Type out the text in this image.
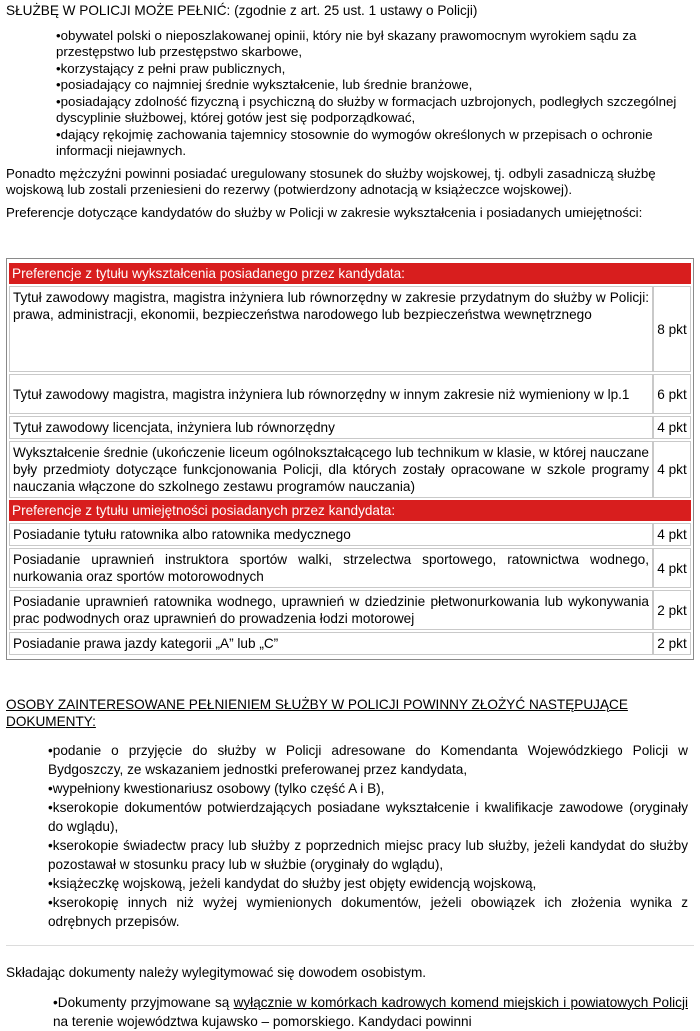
SŁUŻBĘ W POLICJI MOŻE PEŁNIĆ: (zgodnie z art. 25 ust. 1 ustawy o Policji)
•obywatel polski o nieposzlakowanej opinii, który nie był skazany prawomocnym wyrokiem sądu za przestępstwo lub przestępstwo skarbowe,
•korzystający z pełni praw publicznych,
•posiadający co najmniej średnie wykształcenie, lub średnie branżowe,
•posiadający zdolność fizyczną i psychiczną do służby w formacjach uzbrojonych, podległych szczególnej dyscyplinie służbowej, której gotów jest się podporządkować,
•dający rękojmię zachowania tajemnicy stosownie do wymogów określonych w przepisach o ochronie informacji niejawnych.

Ponadto mężczyźni powinni posiadać uregulowany stosunek do służby wojskowej, tj. odbyli zasadniczą służbę wojskową lub zostali przeniesieni do rezerwy (potwierdzony adnotacją w książeczce wojskowej).

Preferencje dotyczące kandydatów do służby w Policji w zakresie wykształcenia i posiadanych umiejętności:

Preferencje z tytułu wykształcenia posiadanego przez kandydata:	
Tytuł zawodowy magistra, magistra inżyniera lub równorzędny w zakresie przydatnym do służby w Policji: prawa, administracji, ekonomii, bezpieczeństwa narodowego lub bezpieczeństwa wewnętrznego	8 pkt
Tytuł zawodowy magistra, magistra inżyniera lub równorzędny w innym zakresie niż wymieniony w lp.1	6 pkt
Tytuł zawodowy licencjata, inżyniera lub równorzędny	4 pkt
Wykształcenie średnie (ukończenie liceum ogólnokształcącego lub technikum w klasie, w której nauczane były przedmioty dotyczące funkcjonowania Policji, dla których zostały opracowane w szkole programy nauczania włączone do szkolnego zestawu programów nauczania)	4 pkt
Preferencje z tytułu umiejętności posiadanych przez kandydata:	
Posiadanie tytułu ratownika albo ratownika medycznego	4 pkt
Posiadanie uprawnień instruktora sportów walki, strzelectwa sportowego, ratownictwa wodnego, nurkowania oraz sportów motorowodnych	4 pkt
Posiadanie uprawnień ratownika wodnego, uprawnień w dziedzinie płetwonurkowania lub wykonywania prac podwodnych oraz uprawnień do prowadzenia łodzi motorowej	2 pkt
Posiadanie prawa jazdy kategorii „A” lub „C”	2 pkt
OSOBY ZAINTERESOWANE PEŁNIENIEM SŁUŻBY W POLICJI POWINNY ZŁOŻYĆ NASTĘPUJĄCE DOKUMENTY:
•podanie o przyjęcie do służby w Policji adresowane do Komendanta Wojewódzkiego Policji w Bydgoszczy, ze wskazaniem jednostki preferowanej przez kandydata,
•wypełniony kwestionariusz osobowy (tylko część A i B),
•kserokopie dokumentów potwierdzających posiadane wykształcenie i kwalifikacje zawodowe (oryginały do wglądu),
•kserokopie świadectw pracy lub służby z poprzednich miejsc pracy lub służby, jeżeli kandydat do służby pozostawał w stosunku pracy lub w służbie (oryginały do wglądu),
•książeczkę wojskową, jeżeli kandydat do służby jest objęty ewidencją wojskową,
•kserokopię innych niż wyżej wymienionych dokumentów, jeżeli obowiązek ich złożenia wynika z odrębnych przepisów.

Składając dokumenty należy wylegitymować się dowodem osobistym.

•Dokumenty przyjmowane są wyłącznie w komórkach kadrowych komend miejskich i powiatowych Policji na terenie województwa kujawsko – pomorskiego. Kandydaci powinni
